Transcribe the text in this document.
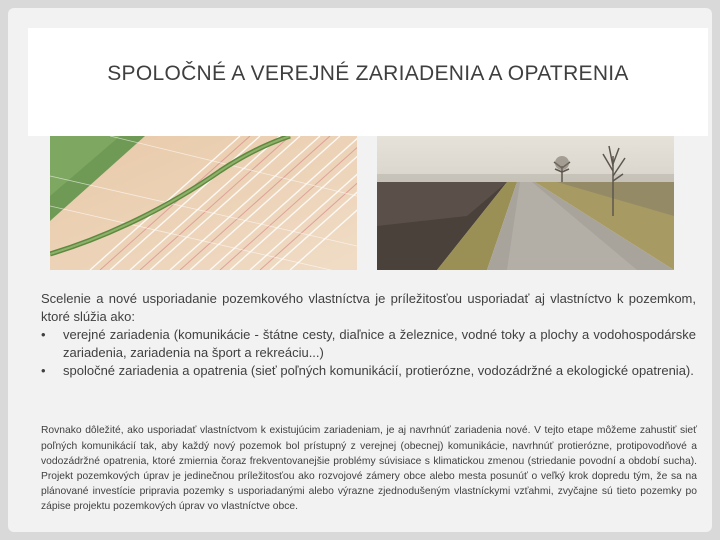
SPOLOČNÉ A VEREJNÉ ZARIADENIA A OPATRENIA

Scelenie a nové usporiadanie pozemkového vlastníctva je príležitosťou usporiadať aj vlastníctvo k pozemkom, ktoré slúžia ako:

• verejné zariadenia (komunikácie - štátne cesty, diaľnice a železnice, vodné toky a plochy a vodohospodárske zariadenia, zariadenia na šport a rekreáciu...)
• spoločné zariadenia a opatrenia (sieť poľných komunikácií, protierózne, vodozádržné a ekologické opatrenia).

Rovnako dôležité, ako usporiadať vlastníctvom k existujúcim zariadeniam, je aj navrhnúť zariadenia nové. V tejto etape môžeme zahustiť sieť poľných komunikácií tak, aby každý nový pozemok bol prístupný z verejnej (obecnej) komunikácie, navrhnúť protierózne, protipovodňové a vodozádržné opatrenia, ktoré zmiernia čoraz frekventovanejšie problémy súvisiace s klimatickou zmenou (striedanie povodní a období sucha). Projekt pozemkových úprav je jedinečnou príležitosťou ako rozvojové zámery obce alebo mesta posunúť o veľký krok dopredu tým, že sa na plánované investície pripravia pozemky s usporiadanými alebo výrazne zjednodušeným vlastníckymi vzťahmi, zvyčajne sú tieto pozemky po zápise projektu pozemkových úprav vo vlastníctve obce.
